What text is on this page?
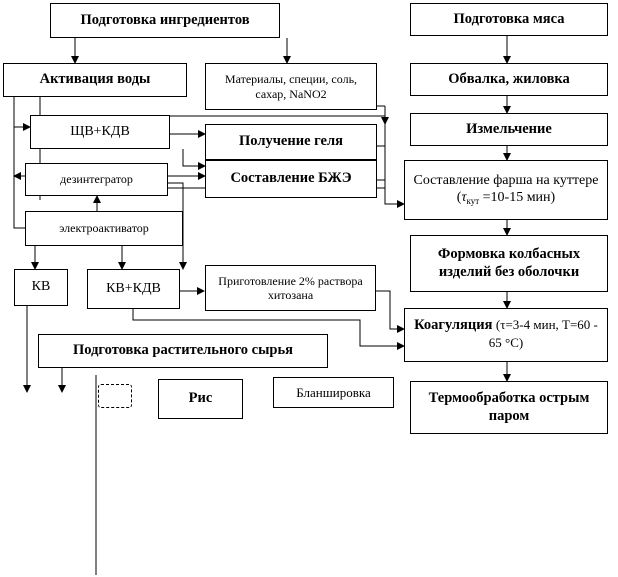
Подготовка ингредиентов	Подготовка мяса
Активация воды	Материалы, специи, соль, сахар, NaNO2
Обвалка, жиловка
ЩВ+КДВ
Получение геля
Измельчение
дезинтегратор	Составление БЖЭ	Составление фарша на куттере ($\tau_{кут} =10-15$ мин)
электроактиватор
Формовка колбасных изделий без оболочки
КВ	КВ+КДВ	Приготовление 2% раствора хитозана
Коагуляция (τ=3-4 мин, T=60 - 65 °C)
Подготовка растительного сырья
Рис	Бланшировка	Термообработка острым паром
